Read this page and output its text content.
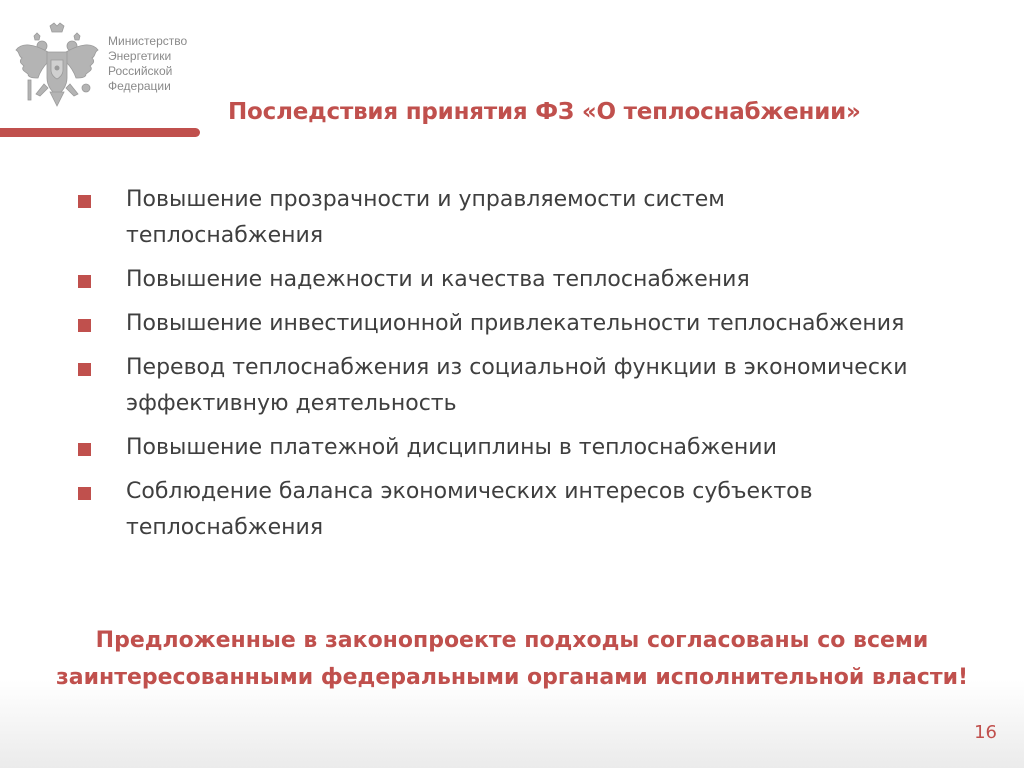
Министерство
Энергетики
Российской
Федерации
Последствия принятия ФЗ «О теплоснабжении»
Повышение прозрачности и управляемости систем теплоснабжения
Повышение надежности и качества теплоснабжения
Повышение инвестиционной привлекательности теплоснабжения
Перевод теплоснабжения из социальной функции в экономически эффективную деятельность
Повышение платежной дисциплины в теплоснабжении
Соблюдение баланса экономических интересов субъектов теплоснабжения
Предложенные в законопроекте подходы согласованы со всеми заинтересованными федеральными органами исполнительной власти!
16
